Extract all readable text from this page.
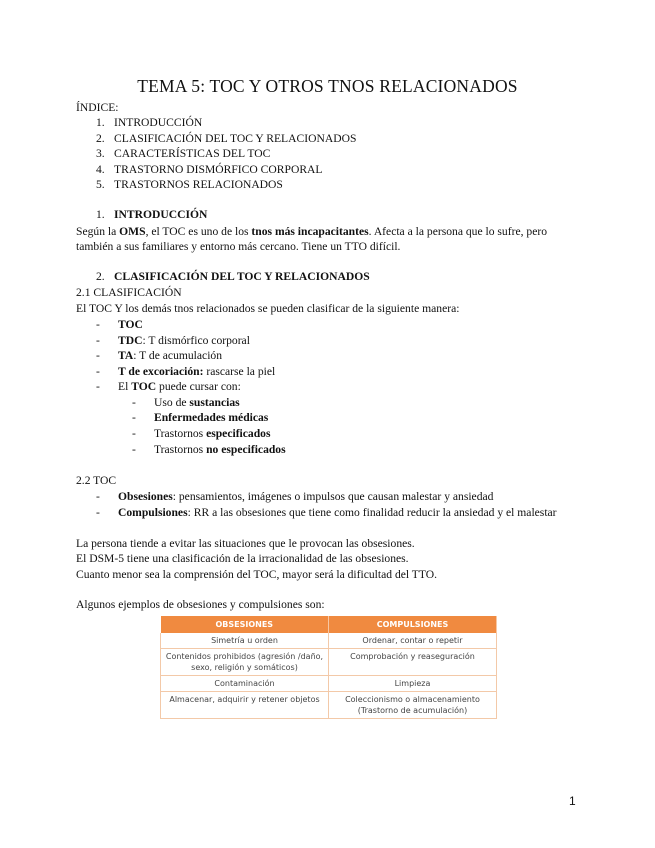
TEMA 5: TOC Y OTROS TNOS RELACIONADOS
ÍNDICE:
1. INTRODUCCIÓN
2. CLASIFICACIÓN DEL TOC Y RELACIONADOS
3. CARACTERÍSTICAS DEL TOC
4. TRASTORNO DISMÓRFICO CORPORAL
5. TRASTORNOS RELACIONADOS
1. INTRODUCCIÓN
Según la OMS, el TOC es uno de los tnos más incapacitantes. Afecta a la persona que lo sufre, pero
también a sus familiares y entorno más cercano. Tiene un TTO difícil.
2. CLASIFICACIÓN DEL TOC Y RELACIONADOS
2.1 CLASIFICACIÓN
El TOC Y los demás tnos relacionados se pueden clasificar de la siguiente manera:
- TOC
- TDC: T dismórfico corporal
- TA: T de acumulación
- T de excoriación: rascarse la piel
- El TOC puede cursar con:
- Uso de sustancias
- Enfermedades médicas
- Trastornos especificados
- Trastornos no especificados
2.2 TOC
- Obsesiones: pensamientos, imágenes o impulsos que causan malestar y ansiedad
- Compulsiones: RR a las obsesiones que tiene como finalidad reducir la ansiedad y el malestar
La persona tiende a evitar las situaciones que le provocan las obsesiones.
El DSM-5 tiene una clasificación de la irracionalidad de las obsesiones.
Cuanto menor sea la comprensión del TOC, mayor será la dificultad del TTO.
Algunos ejemplos de obsesiones y compulsiones son:
OBSESIONES	COMPULSIONES
Simetría u orden	Ordenar, contar o repetir
Contenidos prohibidos (agresión /daño, sexo, religión y somáticos)	Comprobación y reaseguración
Contaminación	Limpieza
Almacenar, adquirir y retener objetos	Coleccionismo o almacenamiento (Trastorno de acumulación)
1
